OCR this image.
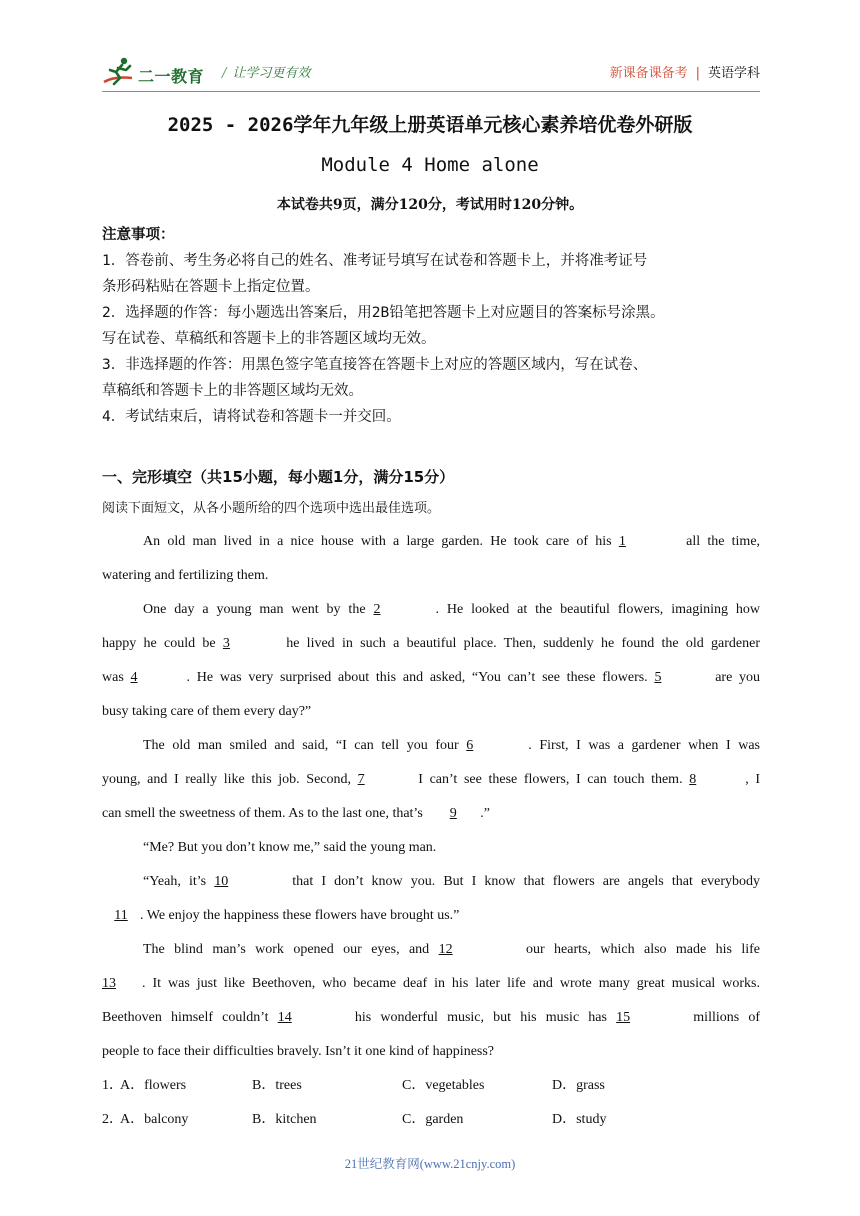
二一教育 / 让学习更有效	新课备课备考 | 英语学科
2025 - 2026学年九年级上册英语单元核心素养培优卷外研版
Module 4 Home alone
本试卷共9页，满分120分，考试用时120分钟。
注意事项：
1．答卷前、考生务必将自己的姓名、准考证号填写在试卷和答题卡上，并将准考证号
条形码粘贴在答题卡上指定位置。
2．选择题的作答：每小题选出答案后，用2B铅笔把答题卡上对应题目的答案标号涂黑。
写在试卷、草稿纸和答题卡上的非答题区域均无效。
3．非选择题的作答：用黑色签字笔直接答在答题卡上对应的答题区域内，写在试卷、
草稿纸和答题卡上的非答题区域均无效。
4．考试结束后，请将试卷和答题卡一并交回。
一、完形填空（共15小题，每小题1分，满分15分）
阅读下面短文，从各小题所给的四个选项中选出最佳选项。
An old man lived in a nice house with a large garden. He took care of his 1	all the time,
watering and fertilizing them.
One day a young man went by the 2	. He looked at the beautiful flowers, imagining how
happy he could be 3	he lived in such a beautiful place. Then, suddenly he found the old gardener
was 4	. He was very surprised about this and asked, “You can’t see these flowers. 5	are you
busy taking care of them every day?”
The old man smiled and said, “I can tell you four 6	. First, I was a gardener when I was
young, and I really like this job. Second, 7	I can’t see these flowers, I can touch them. 8	, I
can smell the sweetness of them. As to the last one, that’s 9 .”
“Me? But you don’t know me,” said the young man.
“Yeah, it’s 10	that I don’t know you. But I know that flowers are angels that everybody
11 . We enjoy the happiness these flowers have brought us.”
The blind man’s work opened our eyes, and 12	our hearts, which also made his life
13 . It was just like Beethoven, who became deaf in his later life and wrote many great musical works.
Beethoven himself couldn’t 14	his wonderful music, but his music has 15	millions of
people to face their difficulties bravely. Isn’t it one kind of happiness?
1．
A．flowers	B．trees	C．vegetables	D．grass
2．
A．balcony	B．kitchen	C．garden	D．study
21世纪教育网(www.21cnjy.com)
